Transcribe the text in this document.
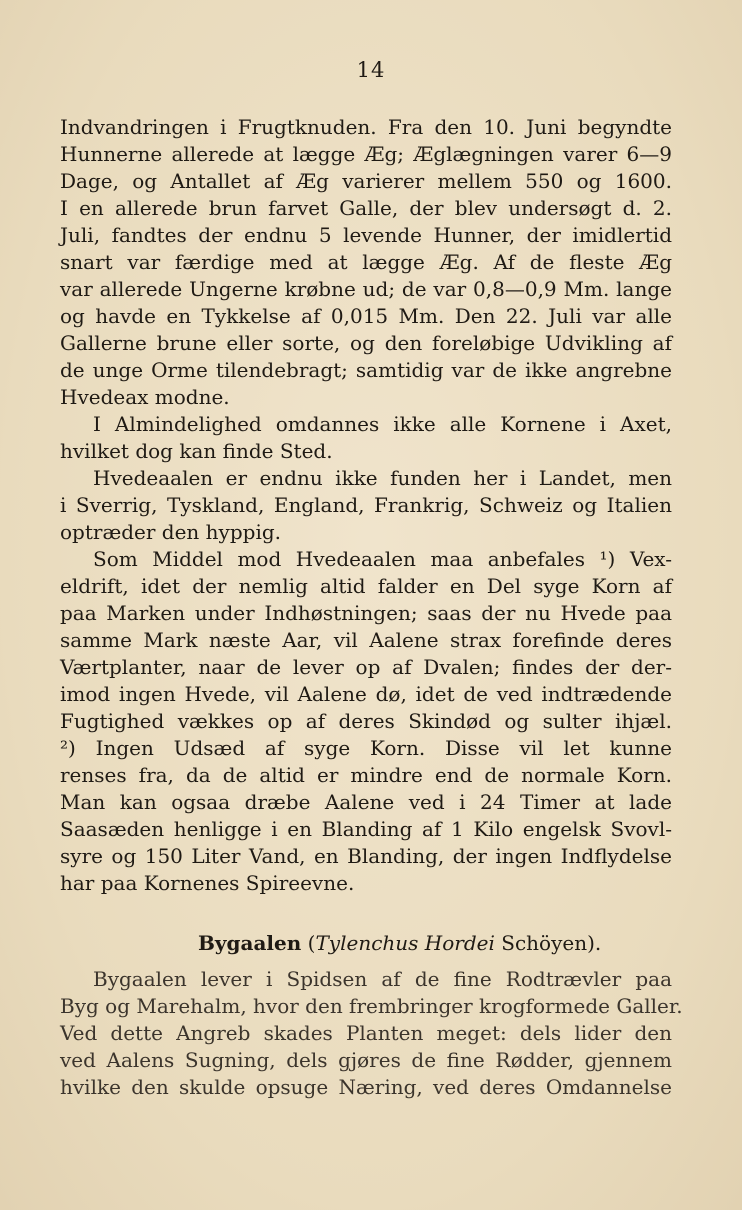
14
Indvandringen i Frugtknuden. Fra den 10. Juni begyndte
Hunnerne allerede at lægge Æg; Æglægningen varer 6—9
Dage, og Antallet af Æg varierer mellem 550 og 1600.
I en allerede brun farvet Galle, der blev undersøgt d. 2.
Juli, fandtes der endnu 5 levende Hunner, der imidlertid
snart var færdige med at lægge Æg. Af de fleste Æg
var allerede Ungerne krøbne ud; de var 0,8—0,9 Mm. lange
og havde en Tykkelse af 0,015 Mm. Den 22. Juli var alle
Gallerne brune eller sorte, og den foreløbige Udvikling af
de unge Orme tilendebragt; samtidig var de ikke angrebne
Hvedeax modne.
I Almindelighed omdannes ikke alle Kornene i Axet,
hvilket dog kan finde Sted.
Hvedeaalen er endnu ikke funden her i Landet, men
i Sverrig, Tyskland, England, Frankrig, Schweiz og Italien
optræder den hyppig.
Som Middel mod Hvedeaalen maa anbefales ¹) Vex-
eldrift, idet der nemlig altid falder en Del syge Korn af
paa Marken under Indhøstningen; saas der nu Hvede paa
samme Mark næste Aar, vil Aalene strax forefinde deres
Værtplanter, naar de lever op af Dvalen; findes der der-
imod ingen Hvede, vil Aalene dø, idet de ved indtrædende
Fugtighed vækkes op af deres Skindød og sulter ihjæl.
²) Ingen Udsæd af syge Korn. Disse vil let kunne
renses fra, da de altid er mindre end de normale Korn.
Man kan ogsaa dræbe Aalene ved i 24 Timer at lade
Saasæden henligge i en Blanding af 1 Kilo engelsk Svovl-
syre og 150 Liter Vand, en Blanding, der ingen Indflydelse
har paa Kornenes Spireevne.
Bygaalen (Tylenchus Hordei Schöyen).
Bygaalen lever i Spidsen af de fine Rodtrævler paa
Byg og Marehalm, hvor den frembringer krogformede Galler.
Ved dette Angreb skades Planten meget: dels lider den
ved Aalens Sugning, dels gjøres de fine Rødder, gjennem
hvilke den skulde opsuge Næring, ved deres Omdannelse
